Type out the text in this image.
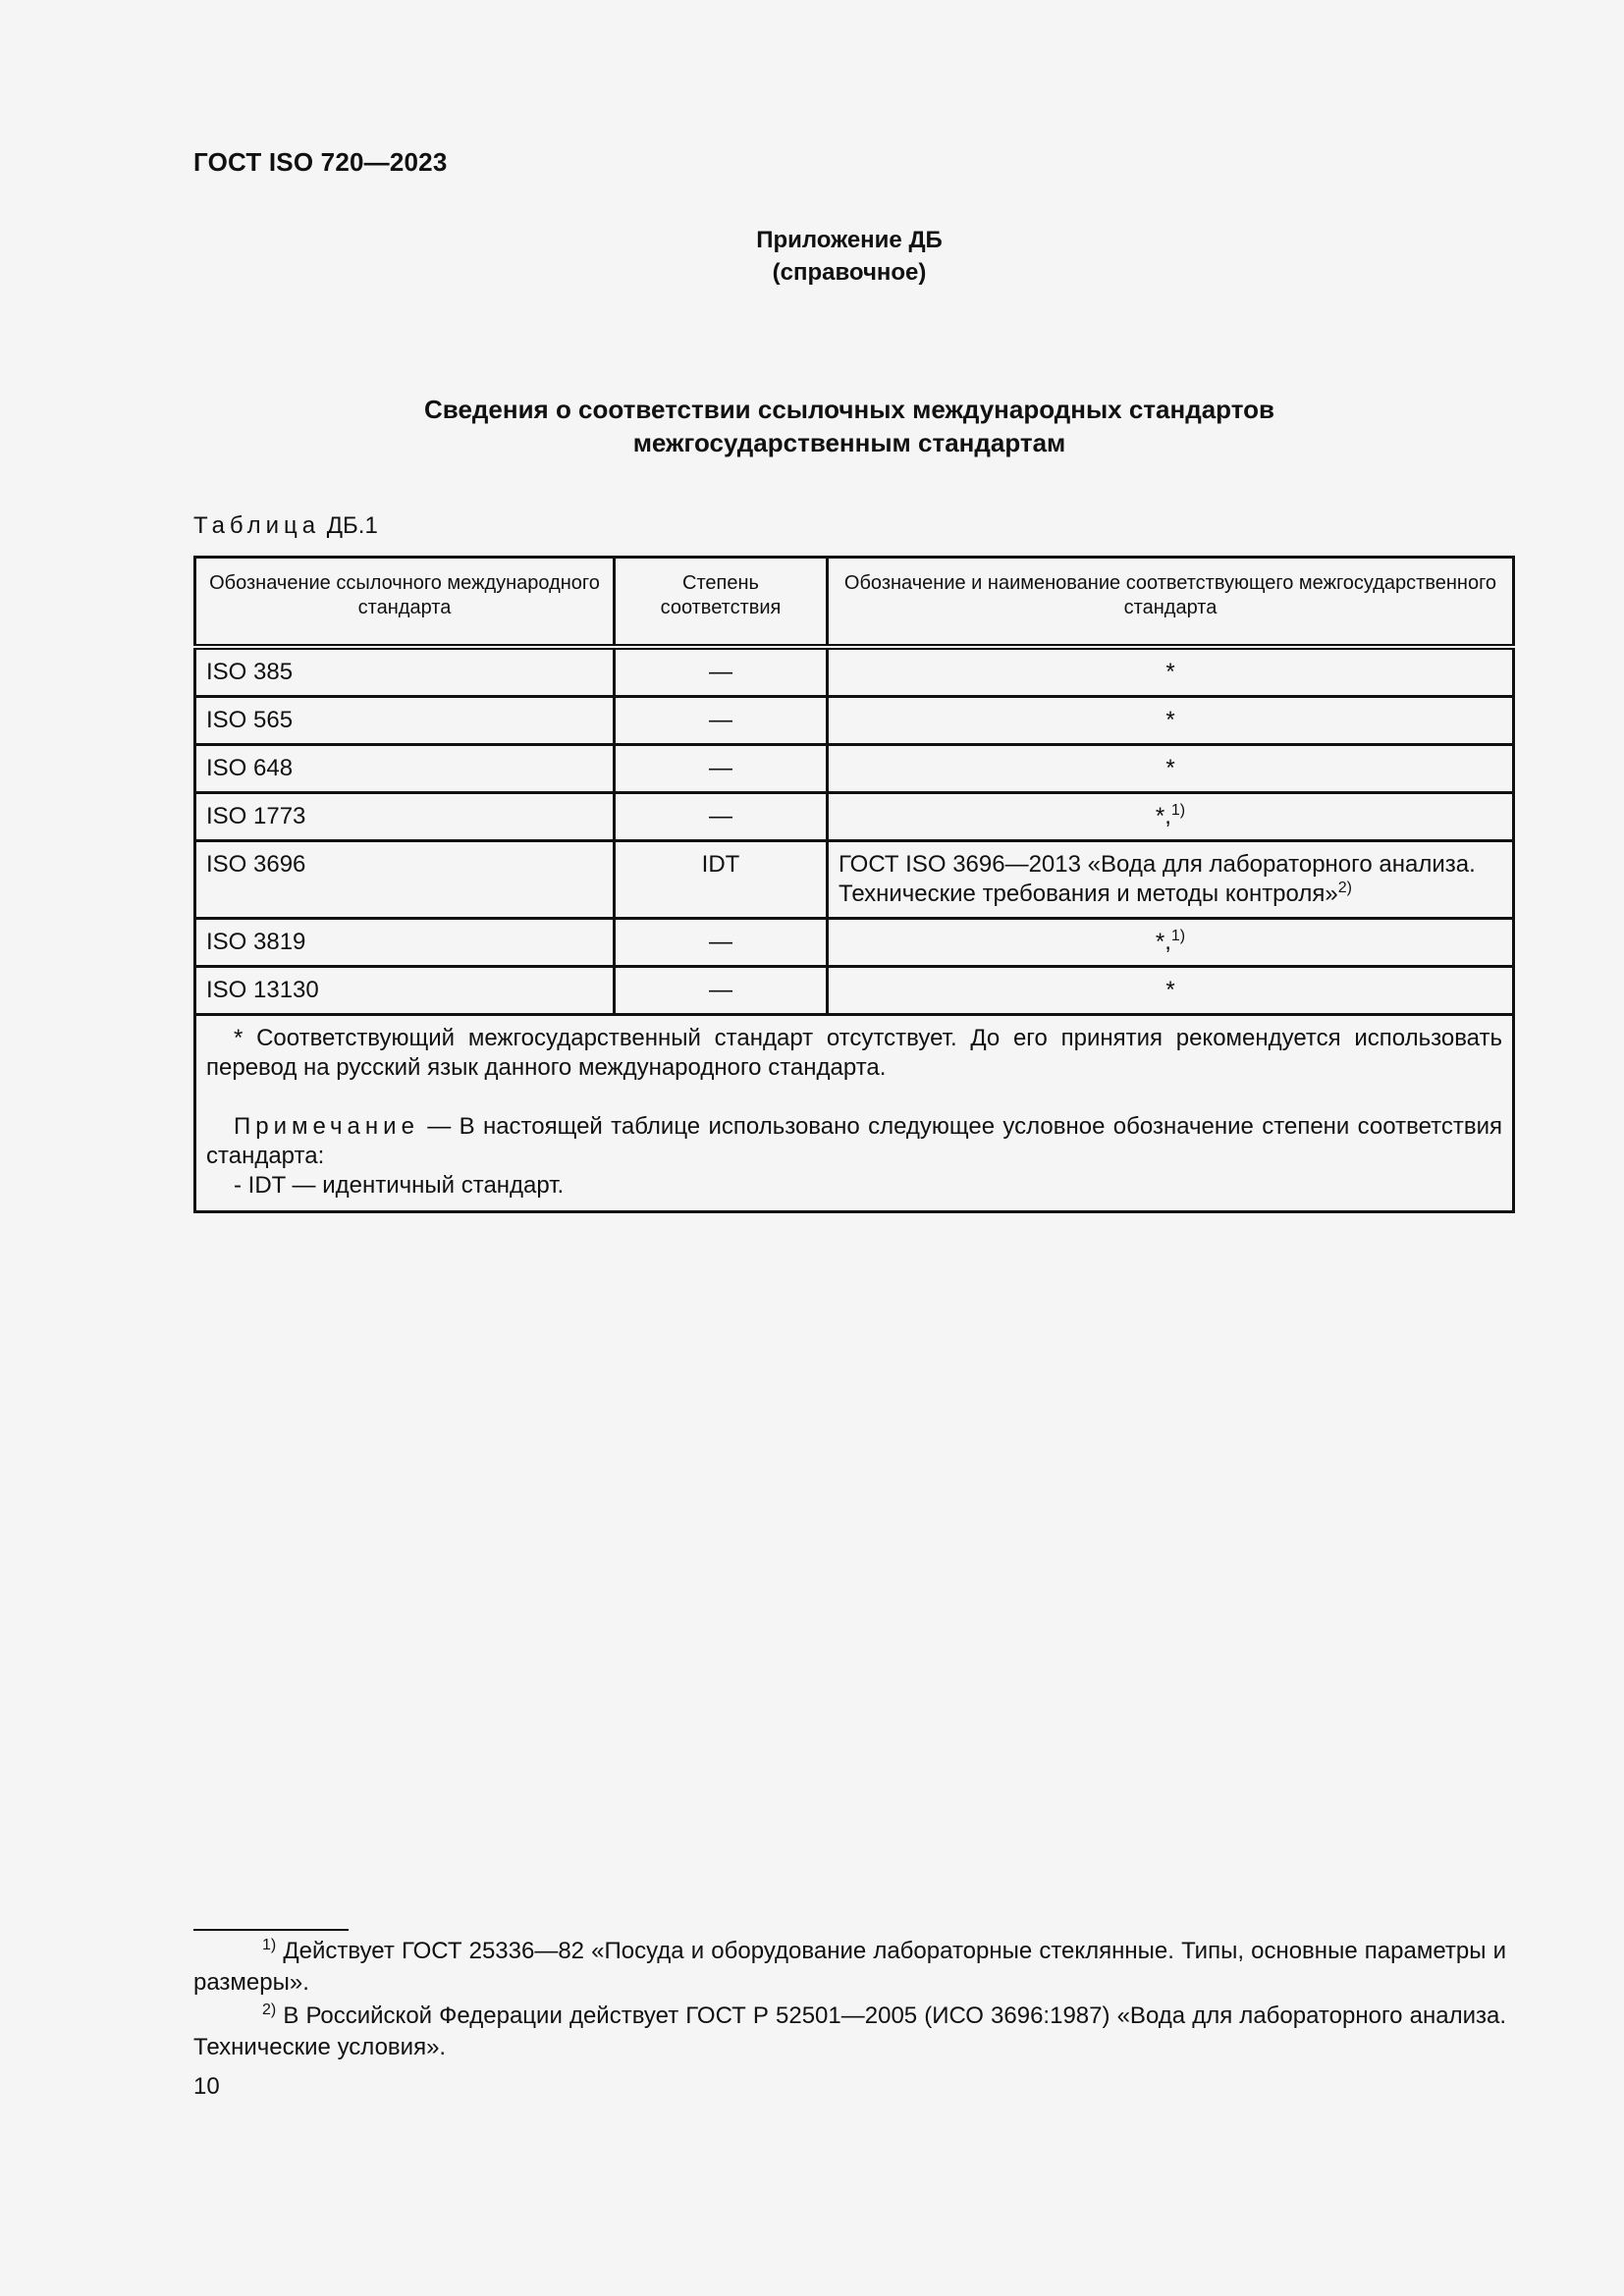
ГОСТ ISO 720—2023
Приложение ДБ
(справочное)
Сведения о соответствии ссылочных международных стандартов
межгосударственным стандартам
Таблица ДБ.1
Обозначение ссылочного международного стандарта	Степень соответствия	Обозначение и наименование соответствующего межгосударственного стандарта
ISO 385	—	*
ISO 565	—	*
ISO 648	—	*
ISO 1773	—	*,$^{1)}$
ISO 3696	IDT	ГОСТ ISO 3696—2013 «Вода для лабораторного анализа. Технические требования и методы контроля»$^{2)}$
ISO 3819	—	*,$^{1)}$
ISO 13130	—	*

* Соответствующий межгосударственный стандарт отсутствует. До его принятия рекомендуется использовать перевод на русский язык данного международного стандарта.

Примечание — В настоящей таблице использовано следующее условное обозначение степени соответствия стандарта:

- IDT — идентичный стандарт.		

$^{1)}$ Действует ГОСТ 25336—82 «Посуда и оборудование лабораторные стеклянные. Типы, основные параметры и размеры».

$^{2)}$ В Российской Федерации действует ГОСТ Р 52501—2005 (ИСО 3696:1987) «Вода для лабораторного анализа. Технические условия».

10
